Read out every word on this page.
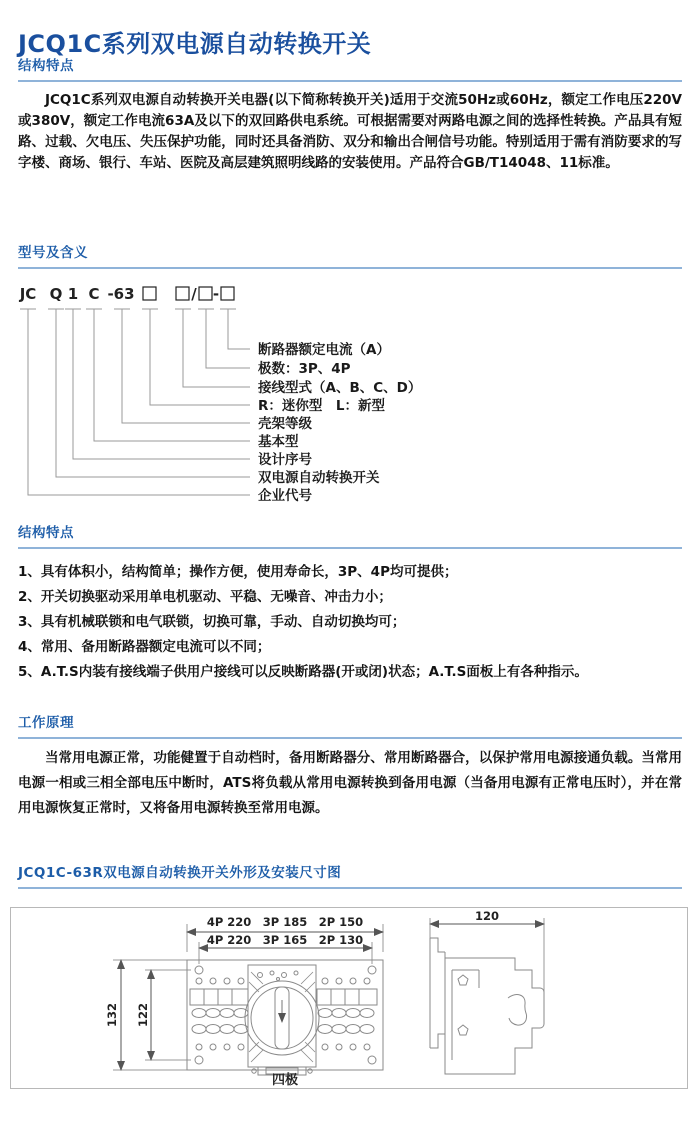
JCQ1C系列双电源自动转换开关
结构特点
JCQ1C系列双电源自动转换开关电器(以下简称转换开关)适用于交流50Hz或60Hz，额定工作电压220V或380V，额定工作电流63A及以下的双回路供电系统。可根据需要对两路电源之间的选择性转换。产品具有短路、过载、欠电压、失压保护功能，同时还具备消防、双分和输出合闸信号功能。特别适用于需有消防要求的写字楼、商场、银行、车站、医院及高层建筑照明线路的安装使用。产品符合GB/T14048、11标准。
型号及含义
JC Q 1 C -63	/ -
断路器额定电流（A）
极数：3P、4P
接线型式（A、B、C、D）
R：迷你型　L：新型
壳架等级
基本型
设计序号
双电源自动转换开关
企业代号
结构特点
1、具有体积小，结构简单；操作方便，使用寿命长，3P、4P均可提供；
2、开关切换驱动采用单电机驱动、平稳、无噪音、冲击力小；
3、具有机械联锁和电气联锁，切换可靠，手动、自动切换均可；
4、常用、备用断路器额定电流可以不同；
5、A.T.S内装有接线端子供用户接线可以反映断路器(开或闭)状态；A.T.S面板上有各种指示。
工作原理
当常用电源正常，功能健置于自动档时，备用断路器分、常用断路器合，以保护常用电源接通负载。当常用电源一相或三相全部电压中断时，ATS将负载从常用电源转换到备用电源（当备用电源有正常电压时），并在常用电源恢复正常时，又将备用电源转换至常用电源。
JCQ1C-63R双电源自动转换开关外形及安装尺寸图
4P 220　3P 185　2P 150
4P 220　3P 165　2P 130
132 122
四极
120
